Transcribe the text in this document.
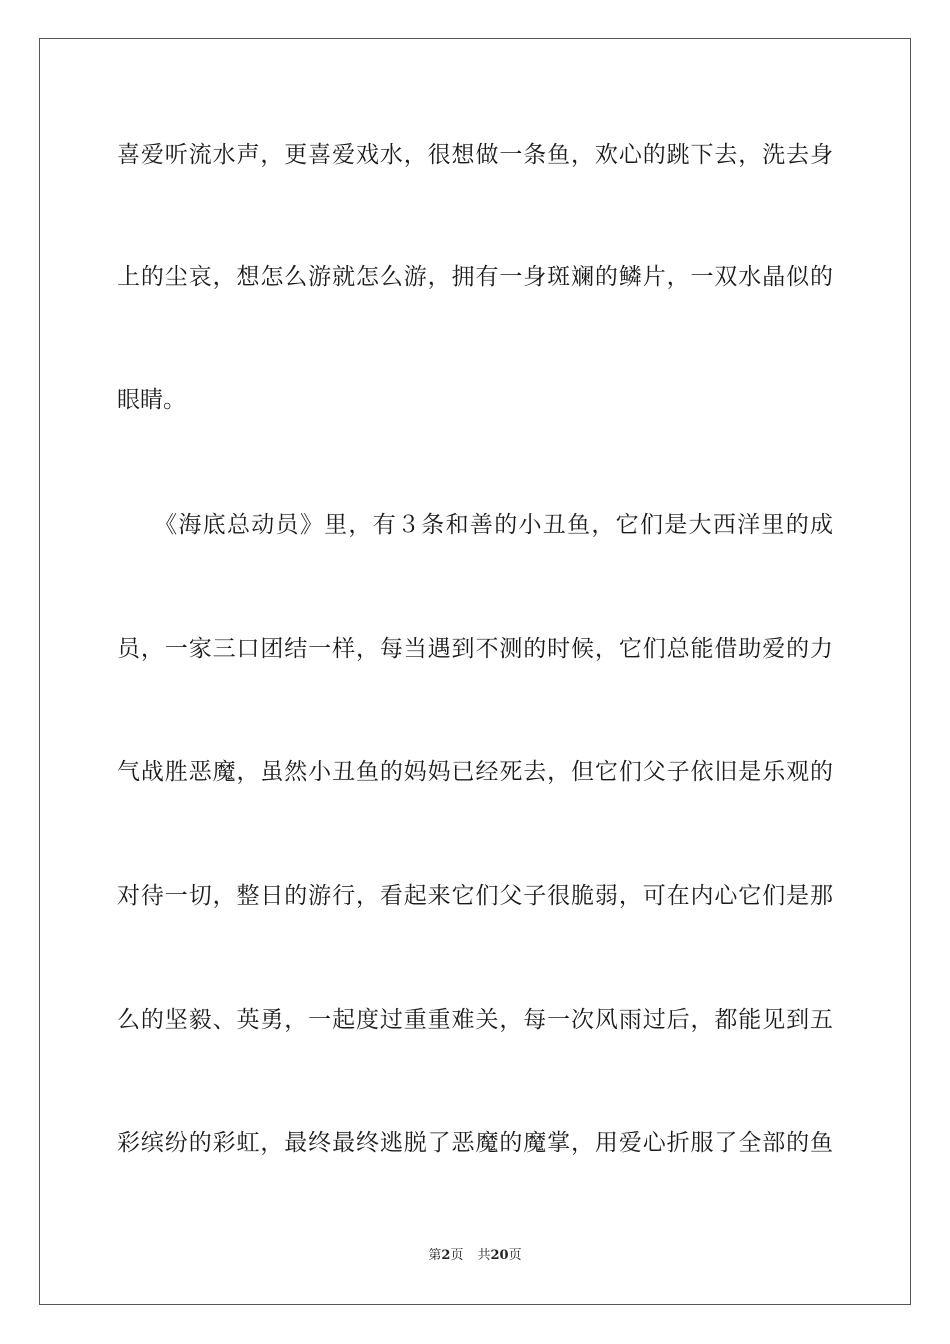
喜爱听流水声，更喜爱戏水，很想做一条鱼，欢心的跳下去，洗去身
上的尘哀，想怎么游就怎么游，拥有一身斑斓的鳞片，一双水晶似的
眼睛。
　　《海底总动员》里，有３条和善的小丑鱼，它们是大西洋里的成
员，一家三口团结一样，每当遇到不测的时候，它们总能借助爱的力
气战胜恶魔，虽然小丑鱼的妈妈已经死去，但它们父子依旧是乐观的
对待一切，整日的游行，看起来它们父子很脆弱，可在内心它们是那
么的坚毅、英勇，一起度过重重难关，每一次风雨过后，都能见到五
彩缤纷的彩虹，最终最终逃脱了恶魔的魔掌，用爱心折服了全部的鱼
第2页 共20页
